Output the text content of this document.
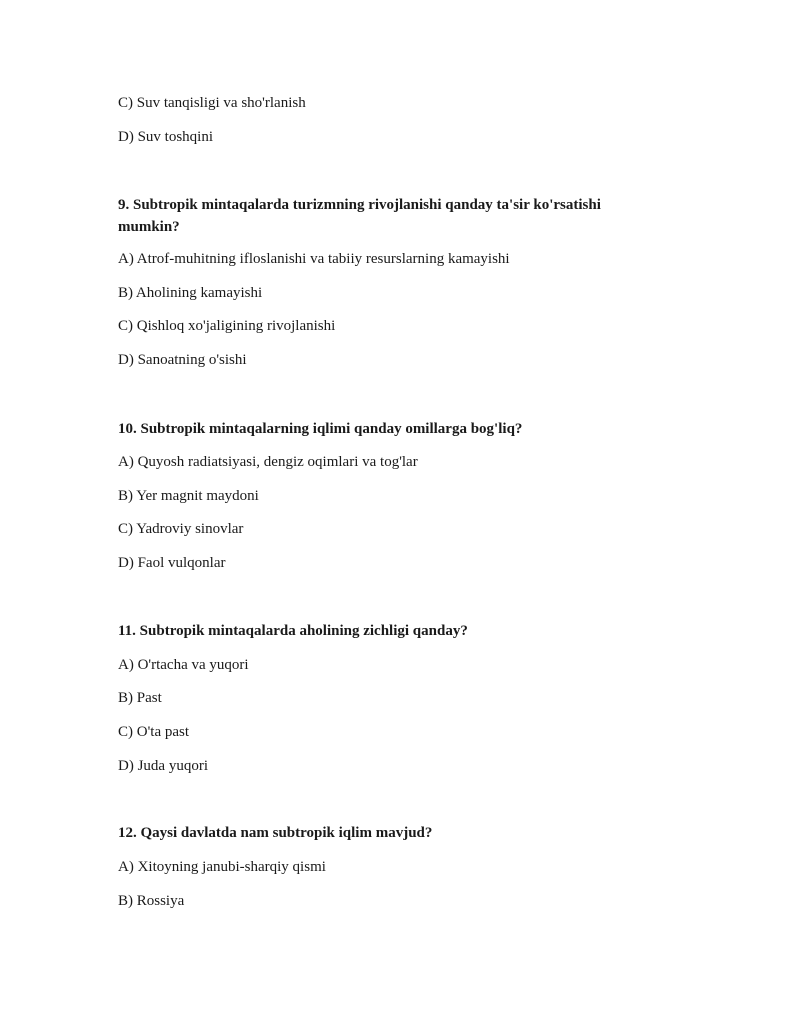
C) Suv tanqisligi va sho'rlanish
D) Suv toshqini
9. Subtropik mintaqalarda turizmning rivojlanishi qanday ta'sir ko'rsatishi mumkin?
A) Atrof-muhitning ifloslanishi va tabiiy resurslarning kamayishi
B) Aholining kamayishi
C) Qishloq xo'jaligining rivojlanishi
D) Sanoatning o'sishi
10. Subtropik mintaqalarning iqlimi qanday omillarga bog'liq?
A) Quyosh radiatsiyasi, dengiz oqimlari va tog'lar
B) Yer magnit maydoni
C) Yadroviy sinovlar
D) Faol vulqonlar
11. Subtropik mintaqalarda aholining zichligi qanday?
A) O'rtacha va yuqori
B) Past
C) O'ta past
D) Juda yuqori
12. Qaysi davlatda nam subtropik iqlim mavjud?
A) Xitoyning janubi-sharqiy qismi
B) Rossiya
